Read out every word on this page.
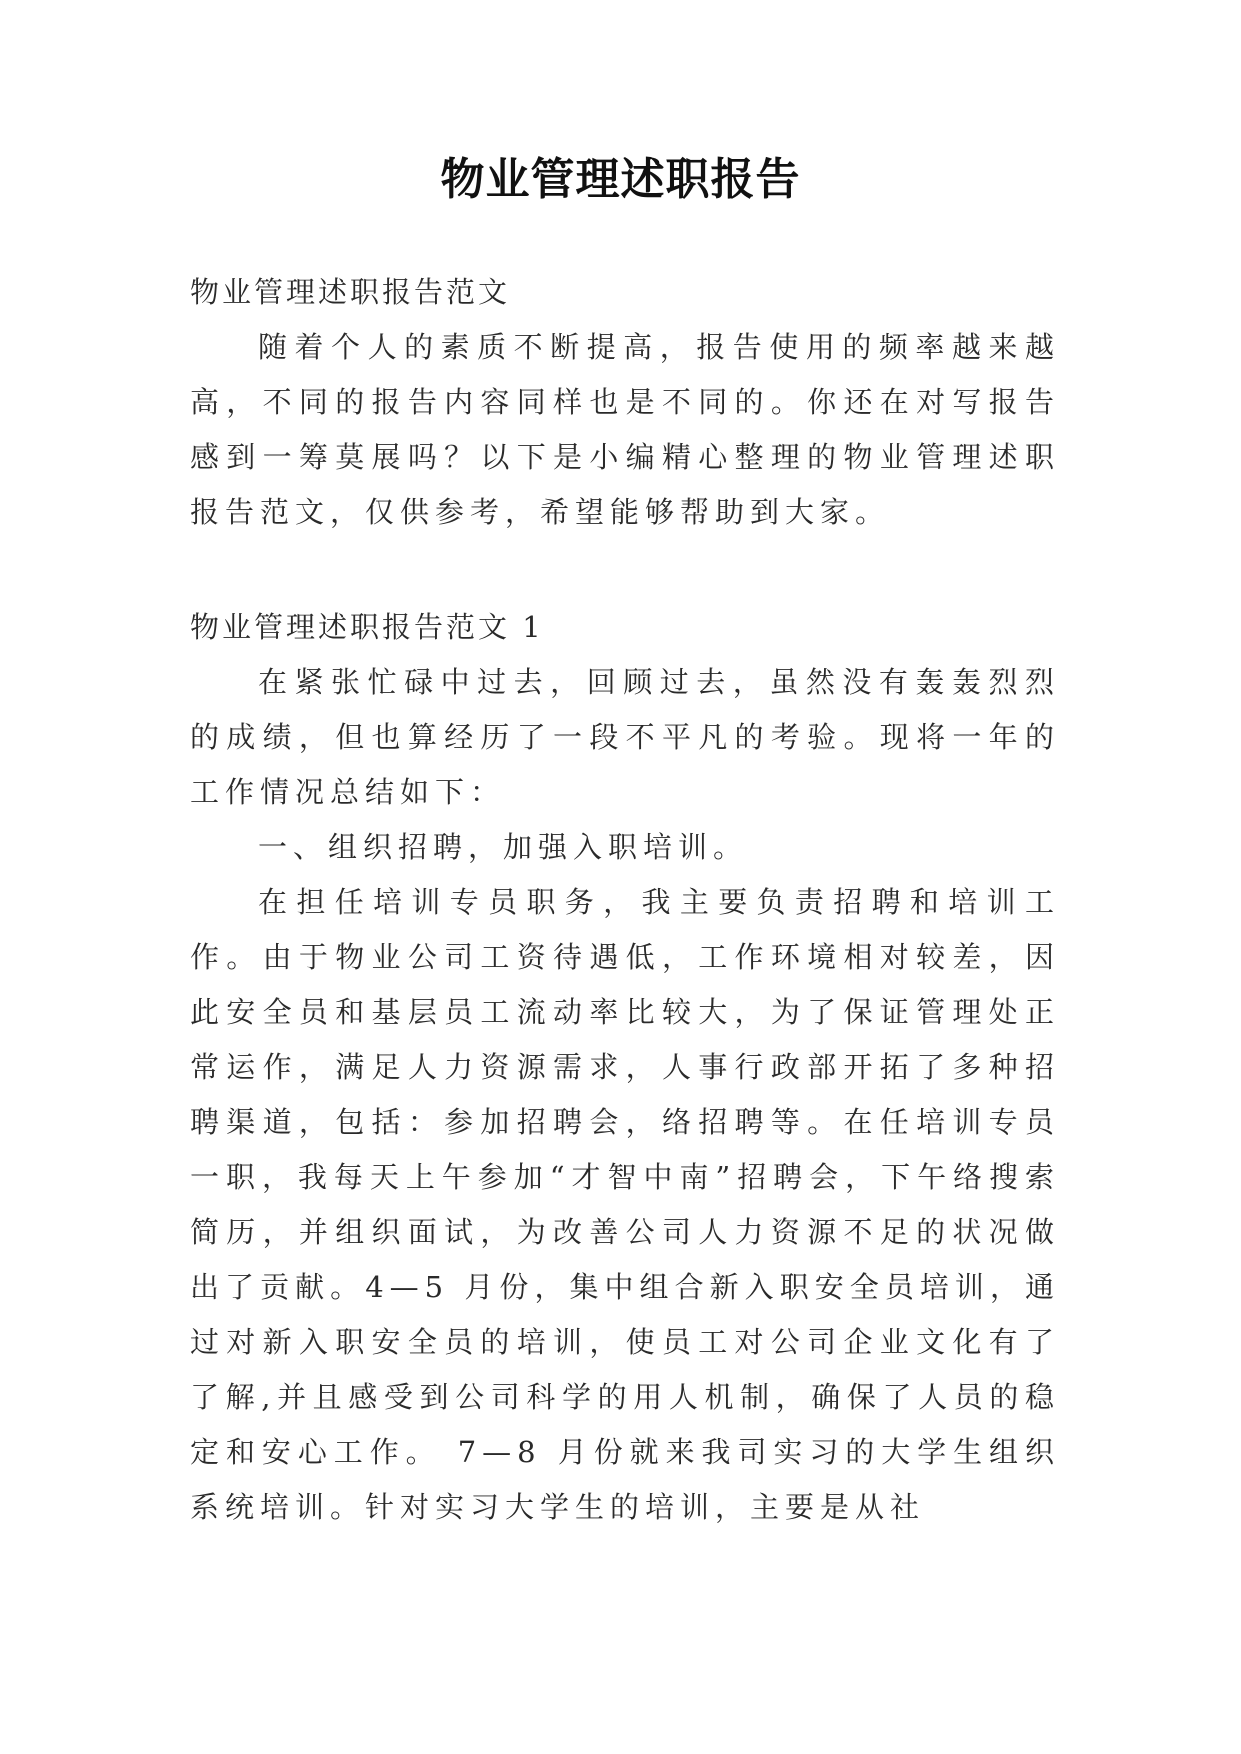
物业管理述职报告

物业管理述职报告范文

随着个人的素质不断提高，报告使用的频率越来越高，不同的报告内容同样也是不同的。你还在对写报告感到一筹莫展吗？以下是小编精心整理的物业管理述职报告范文，仅供参考，希望能够帮助到大家。

物业管理述职报告范文 1

在紧张忙碌中过去，回顾过去，虽然没有轰轰烈烈的成绩，但也算经历了一段不平凡的考验。现将一年的工作情况总结如下：

一、组织招聘，加强入职培训。

在担任培训专员职务，我主要负责招聘和培训工作。由于物业公司工资待遇低，工作环境相对较差，因此安全员和基层员工流动率比较大，为了保证管理处正常运作，满足人力资源需求，人事行政部开拓了多种招聘渠道，包括：参加招聘会，络招聘等。在任培训专员一职，我每天上午参加“才智中南”招聘会，下午络搜索简历，并组织面试，为改善公司人力资源不足的状况做出了贡献。4—5 月份，集中组合新入职安全员培训，通过对新入职安全员的培训，使员工对公司企业文化有了了解,并且感受到公司科学的用人机制，确保了人员的稳定和安心工作。 7—8 月份就来我司实习的大学生组织系统培训。针对实习大学生的培训，主要是从社
